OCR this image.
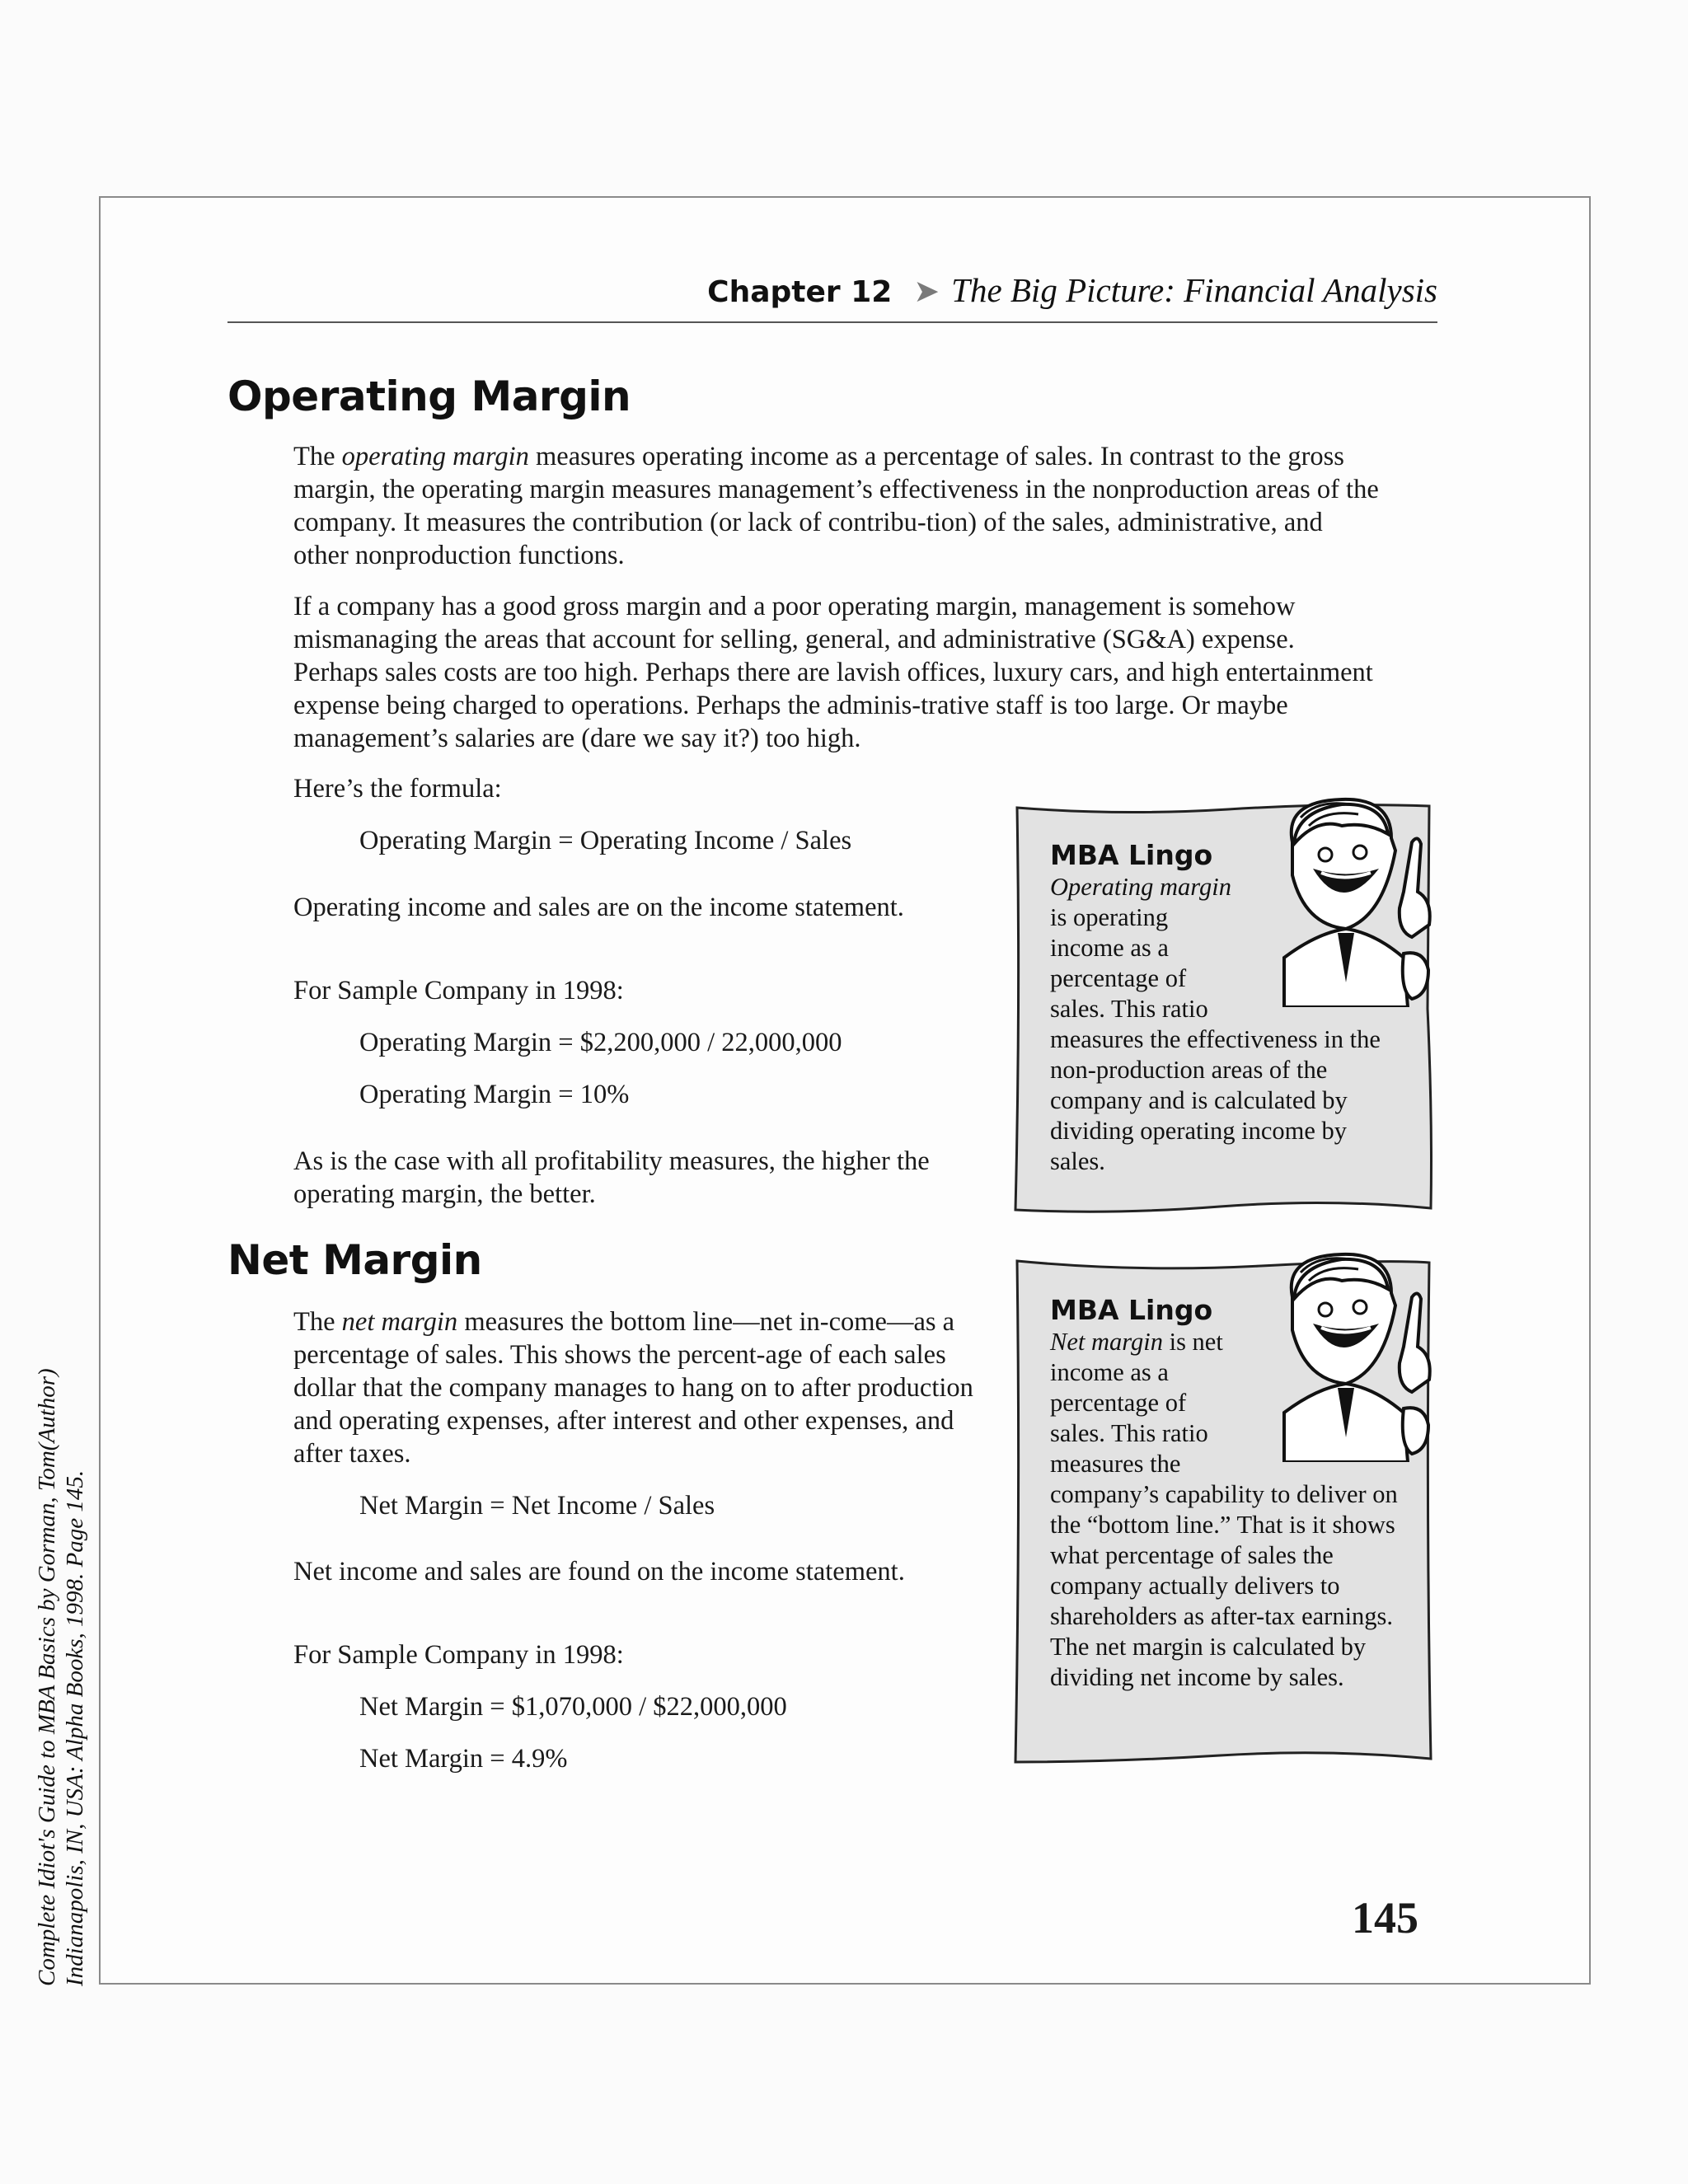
Chapter 12 ➤ The Big Picture: Financial Analysis
Operating Margin

The operating margin measures operating income as a percentage of sales. In contrast to the gross margin, the operating margin measures management’s effectiveness in the nonproduction areas of the company. It measures the contribution (or lack of contribu-tion) of the sales, administrative, and other nonproduction functions.

If a company has a good gross margin and a poor operating margin, management is somehow mismanaging the areas that account for selling, general, and administrative (SG&A) expense. Perhaps sales costs are too high. Perhaps there are lavish offices, luxury cars, and high entertainment expense being charged to operations. Perhaps the adminis-trative staff is too large. Or maybe management’s salaries are (dare we say it?) too high.
Here’s the formula:
Operating Margin = Operating Income / Sales
Operating income and sales are on the income statement.
For Sample Company in 1998:
Operating Margin = $2,200,000 / 22,000,000
Operating Margin = 10%
As is the case with all profitability measures, the higher the operating margin, the better.
Net Margin

The net margin measures the bottom line—net in-come—as a percentage of sales. This shows the percent-age of each sales dollar that the company manages to hang on to after production and operating expenses, after interest and other expenses, and after taxes.

Net Margin = Net Income / Sales
Net income and sales are found on the income statement.
For Sample Company in 1998:
Net Margin = $1,070,000 / $22,000,000
Net Margin = 4.9%
MBA Lingo
Operating margin is operating income as a percentage of sales. This ratio measures the effectiveness in the non-production areas of the company and is calculated by dividing operating income by sales.
MBA Lingo
Net margin is net income as a percentage of sales. This ratio measures the company’s capability to deliver on the “bottom line.” That is it shows what percentage of sales the company actually delivers to shareholders as after-tax earnings. The net margin is calculated by dividing net income by sales.
145
Complete Idiot's Guide to MBA Basics by Gorman, Tom(Author) Indianapolis, IN, USA: Alpha Books, 1998. Page 145.
